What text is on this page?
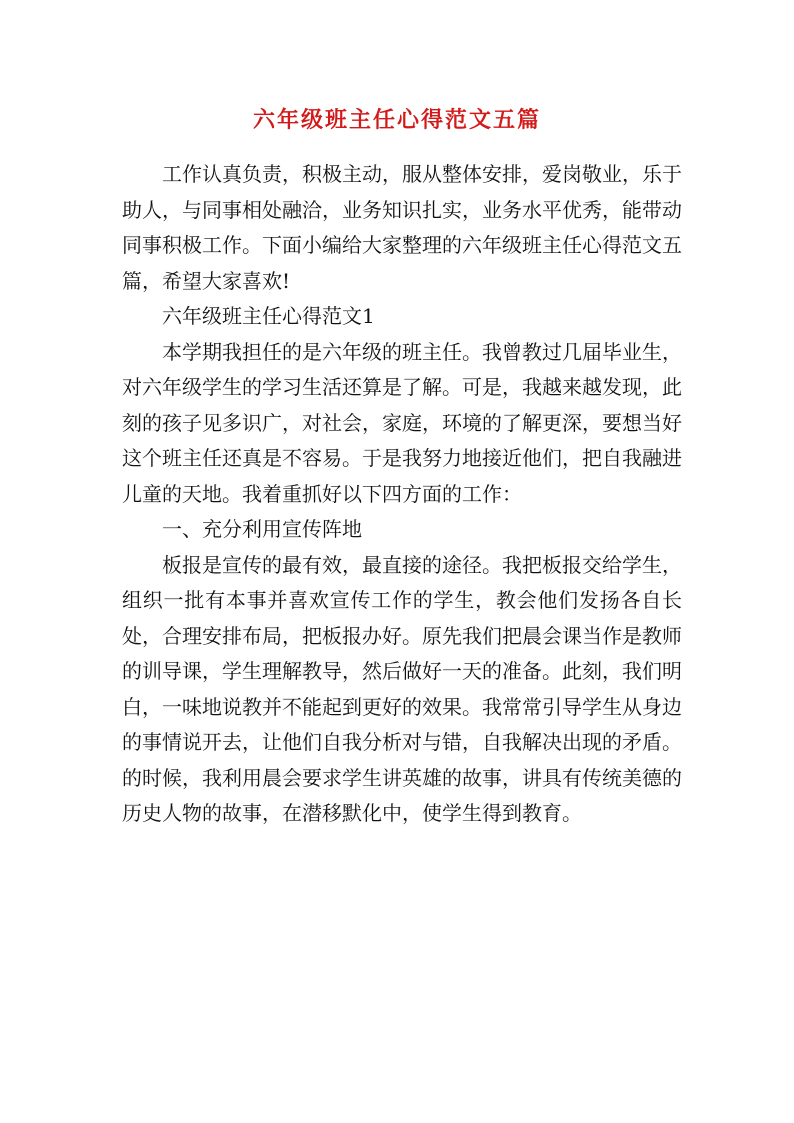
六年级班主任心得范文五篇

工作认真负责，积极主动，服从整体安排，爱岗敬业，乐于助人，与同事相处融洽，业务知识扎实，业务水平优秀，能带动同事积极工作。下面小编给大家整理的六年级班主任心得范文五篇，希望大家喜欢!

六年级班主任心得范文1

本学期我担任的是六年级的班主任。我曾教过几届毕业生，对六年级学生的学习生活还算是了解。可是，我越来越发现，此刻的孩子见多识广，对社会，家庭，环境的了解更深，要想当好这个班主任还真是不容易。于是我努力地接近他们，把自我融进儿童的天地。我着重抓好以下四方面的工作：

一、充分利用宣传阵地

板报是宣传的最有效，最直接的途径。我把板报交给学生，组织一批有本事并喜欢宣传工作的学生，教会他们发扬各自长处，合理安排布局，把板报办好。原先我们把晨会课当作是教师的训导课，学生理解教导，然后做好一天的准备。此刻，我们明白，一味地说教并不能起到更好的效果。我常常引导学生从身边的事情说开去，让他们自我分析对与错，自我解决出现的矛盾。的时候，我利用晨会要求学生讲英雄的故事，讲具有传统美德的历史人物的故事，在潜移默化中，使学生得到教育。
